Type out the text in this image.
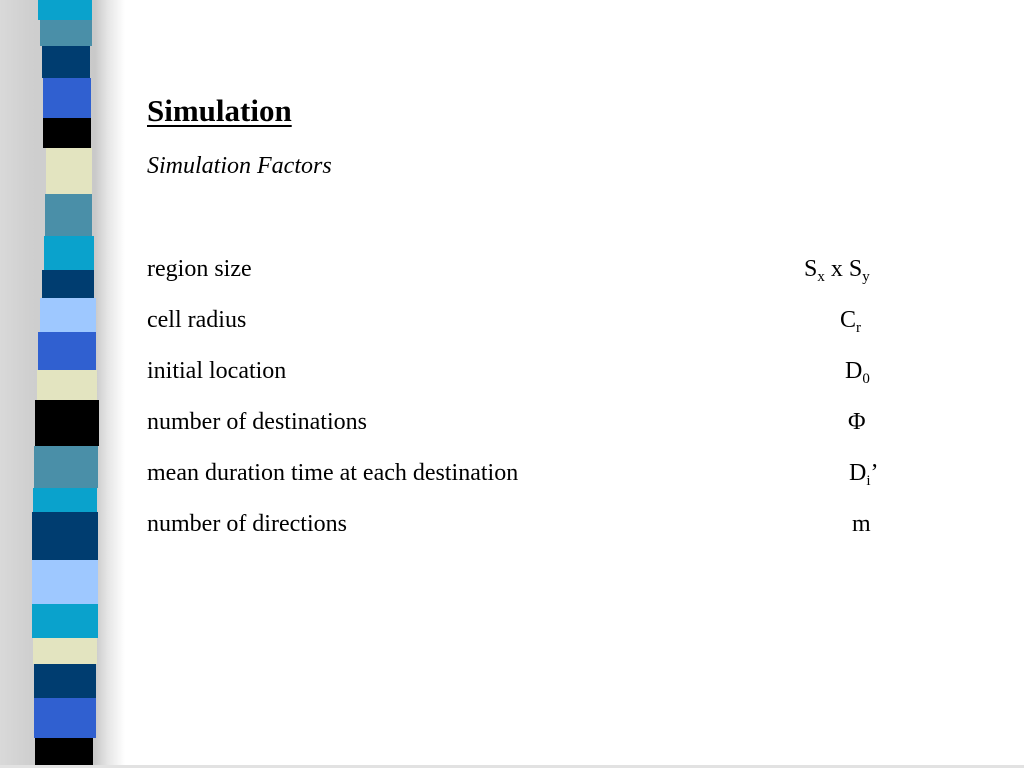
Simulation
Simulation Factors
region size	$S_x$ x $S_y$
cell radius	$C_r$
initial location	$D_0$
number of destinations	Φ
mean duration time at each destination	$D_i$’
number of directions	m
